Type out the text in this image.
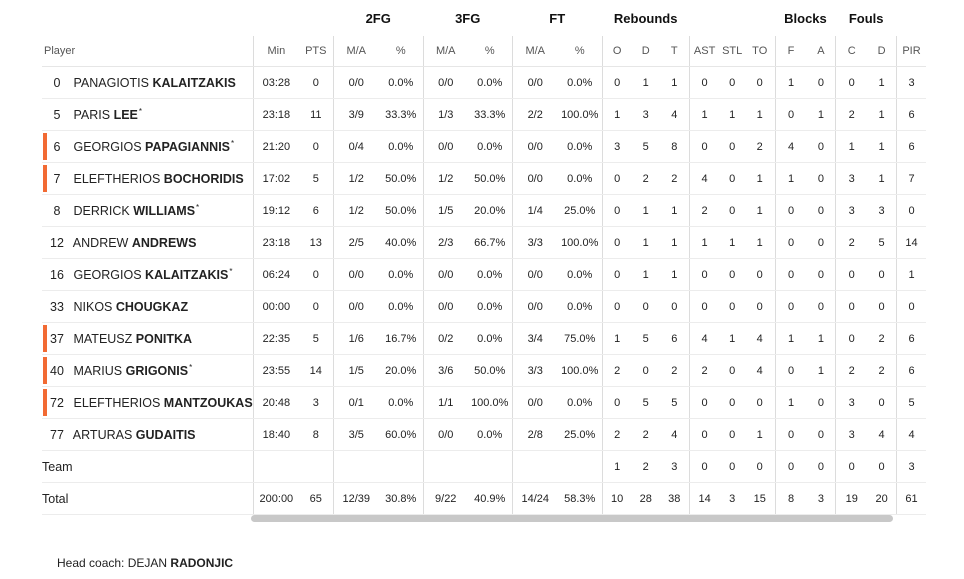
			2FG		3FG		FT		Rebounds						Blocks		Fouls		
Player	Min	PTS	M/A	%	M/A	%	M/A	%	O	D	T	AST	STL	TO	F	A	C	D	PIR
0 PANAGIOTIS KALAITZAKIS	03:28	0	0/0	0.0%	0/0	0.0%	0/0	0.0%	0	1	1	0	0	0	1	0	0	1	3
5 PARIS LEE*	23:18	11	3/9	33.3%	1/3	33.3%	2/2	100.0%	1	3	4	1	1	1	0	1	2	1	6

6 GEORGIOS PAPAGIANNIS*	21:20	0	0/4	0.0%	0/0	0.0%	0/0	0.0%	3	5	8	0	0	2	4	0	1	1	6

7 ELEFTHERIOS BOCHORIDIS	17:02	5	1/2	50.0%	1/2	50.0%	0/0	0.0%	0	2	2	4	0	1	1	0	3	1	7
8 DERRICK WILLIAMS*	19:12	6	1/2	50.0%	1/5	20.0%	1/4	25.0%	0	1	1	2	0	1	0	0	3	3	0
12 ANDREW ANDREWS	23:18	13	2/5	40.0%	2/3	66.7%	3/3	100.0%	0	1	1	1	1	1	0	0	2	5	14
16 GEORGIOS KALAITZAKIS*	06:24	0	0/0	0.0%	0/0	0.0%	0/0	0.0%	0	1	1	0	0	0	0	0	0	0	1
33 NIKOS CHOUGKAZ	00:00	0	0/0	0.0%	0/0	0.0%	0/0	0.0%	0	0	0	0	0	0	0	0	0	0	0

37 MATEUSZ PONITKA	22:35	5	1/6	16.7%	0/2	0.0%	3/4	75.0%	1	5	6	4	1	4	1	1	0	2	6

40 MARIUS GRIGONIS*	23:55	14	1/5	20.0%	3/6	50.0%	3/3	100.0%	2	0	2	2	0	4	0	1	2	2	6

72 ELEFTHERIOS MANTZOUKAS	20:48	3	0/1	0.0%	1/1	100.0%	0/0	0.0%	0	5	5	0	0	0	1	0	3	0	5
77 ARTURAS GUDAITIS	18:40	8	3/5	60.0%	0/0	0.0%	2/8	25.0%	2	2	4	0	0	1	0	0	3	4	4
Team									1	2	3	0	0	0	0	0	0	0	3
Total	200:00	65	12/39	30.8%	9/22	40.9%	14/24	58.3%	10	28	38	14	3	15	8	3	19	20	61
Head coach: DEJAN RADONJIC
